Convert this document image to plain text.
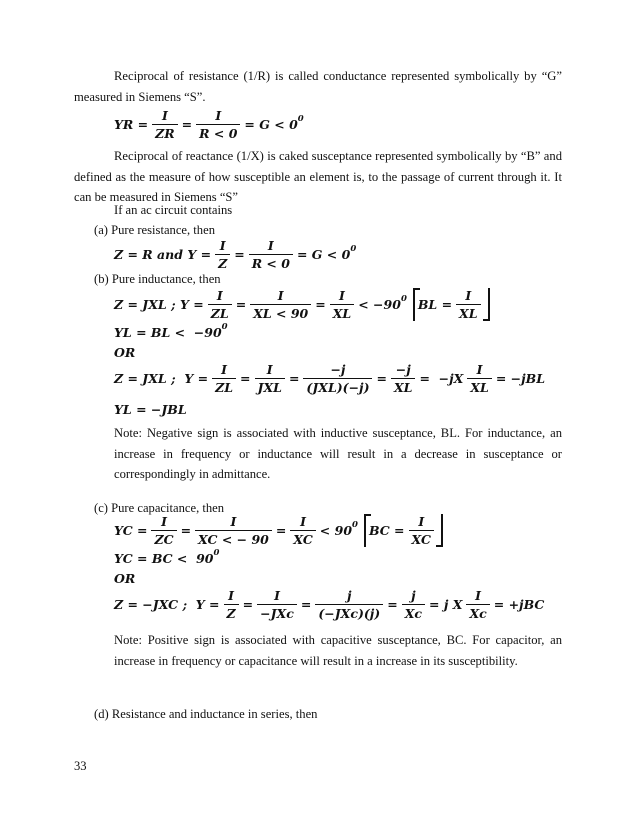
Reciprocal of resistance (1/R) is called conductance represented symbolically by “G” measured in Siemens “S”.

YR = $\frac{I}{ZR} = \frac{I}{R < 0} = G < 0$ 0

Reciprocal of reactance (1/X) is caked susceptance represented symbolically by “B” and defined as the measure of how susceptible an element is, to the passage of current through it. It can be measured in Siemens “S”

If an ac circuit contains
(a) Pure resistance, then
Z = R and $Y = \frac{I}{Z} = \frac{I}{R < 0} = G < 0$ 0
(b) Pure inductance, then
Z = JXL ; $Y = \frac{I}{ZL} = \frac{I}{XL < 90} = \frac{I}{XL} < -90$ 0 BL = $\frac{I}{XL}$
YL = BL <  −90 0
OR
Z = JXL ;  $Y = \frac{I}{ZL} = \frac{I}{\text{JXL}} = \frac{-j}{\text{(JXL)(−j)}} = \frac{-j}{XL} = -jX \frac{I}{XL} = -jBL$
YL = −JBL

Note: Negative sign is associated with inductive susceptance, BL. For inductance, an increase in frequency or inductance will result in a decrease in susceptance or correspondingly in admittance.

(c) Pure capacitance, then
YC = $\frac{I}{ZC} = \frac{I}{XC < - 90} = \frac{I}{XC} < 90$ 0 BC = $\frac{I}{XC}$
YC = BC <  90 0
OR
Z = −JXC ;  $Y = \frac{I}{Z} = \frac{I}{\text{−JXc}} = \frac{j}{\text{(−JXc)(j)}} = \frac{j}{Xc} = j$ X $\frac{I}{Xc} = +jBC$

Note: Positive sign is associated with capacitive susceptance, BC. For capacitor, an increase in frequency or capacitance will result in a increase in its susceptibility.

(d) Resistance and inductance in series, then
33
